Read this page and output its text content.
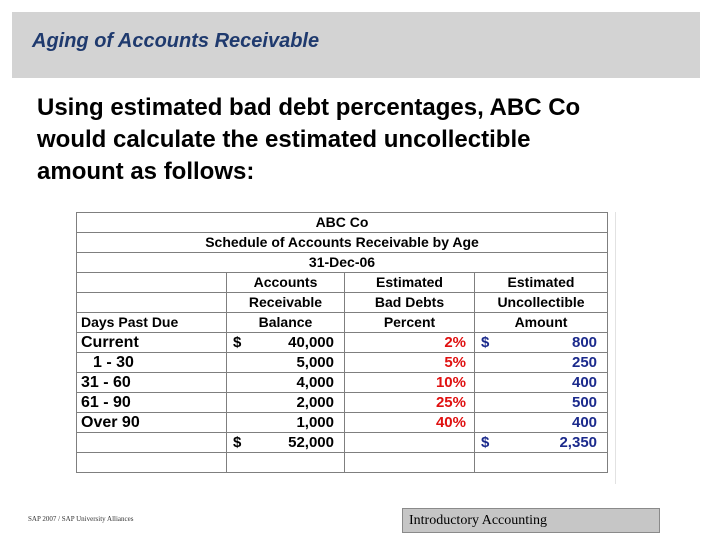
Aging of Accounts Receivable
Using estimated bad debt percentages, ABC Co
would calculate the estimated uncollectible
amount as follows:
ABC Co			
Schedule of Accounts Receivable by Age			
31-Dec-06			
	Accounts	Estimated	Estimated
	Receivable	Bad Debts	Uncollectible
Days Past Due	Balance	Percent	Amount
Current	$ 40,000	2%	$ 800

1 - 30	5,000	5%	250

31 - 60	4,000	10%	400

61 - 90	2,000	25%	500

Over 90	1,000	40%	400

	$ 52,000		$ 2,350

SAP 2007 / SAP University Alliances	Introductory Accounting
